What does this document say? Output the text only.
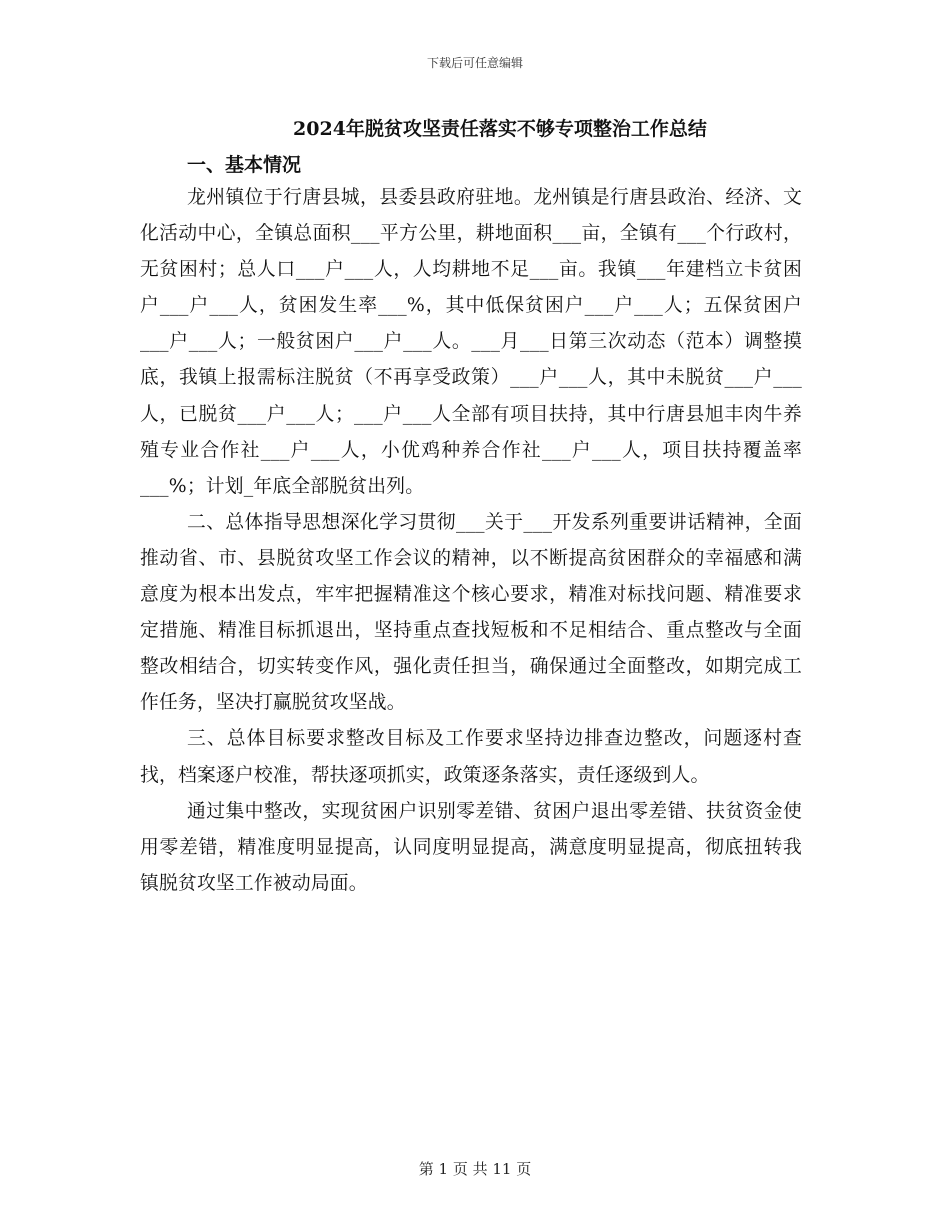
下载后可任意编辑
2024年脱贫攻坚责任落实不够专项整治工作总结
一、基本情况

龙州镇位于行唐县城，县委县政府驻地。龙州镇是行唐县政治、经济、文化活动中心，全镇总面积___平方公里，耕地面积___亩，全镇有___个行政村，无贫困村；总人口___户___人，人均耕地不足___亩。我镇___年建档立卡贫困户___户___人，贫困发生率___%，其中低保贫困户___户___人；五保贫困户___户___人；一般贫困户___户___人。___月___日第三次动态（范本）调整摸底，我镇上报需标注脱贫（不再享受政策）___户___人，其中未脱贫___户___人，已脱贫___户___人；___户___人全部有项目扶持，其中行唐县旭丰肉牛养殖专业合作社___户___人，小优鸡种养合作社___户___人，项目扶持覆盖率___%；计划_年底全部脱贫出列。

二、总体指导思想深化学习贯彻___关于___开发系列重要讲话精神，全面推动省、市、县脱贫攻坚工作会议的精神，以不断提高贫困群众的幸福感和满意度为根本出发点，牢牢把握精准这个核心要求，精准对标找问题、精准要求定措施、精准目标抓退出，坚持重点查找短板和不足相结合、重点整改与全面整改相结合，切实转变作风，强化责任担当，确保通过全面整改，如期完成工作任务，坚决打赢脱贫攻坚战。

三、总体目标要求整改目标及工作要求坚持边排查边整改，问题逐村查找，档案逐户校准，帮扶逐项抓实，政策逐条落实，责任逐级到人。

通过集中整改，实现贫困户识别零差错、贫困户退出零差错、扶贫资金使用零差错，精准度明显提高，认同度明显提高，满意度明显提高，彻底扭转我镇脱贫攻坚工作被动局面。

第 1 页 共 11 页
